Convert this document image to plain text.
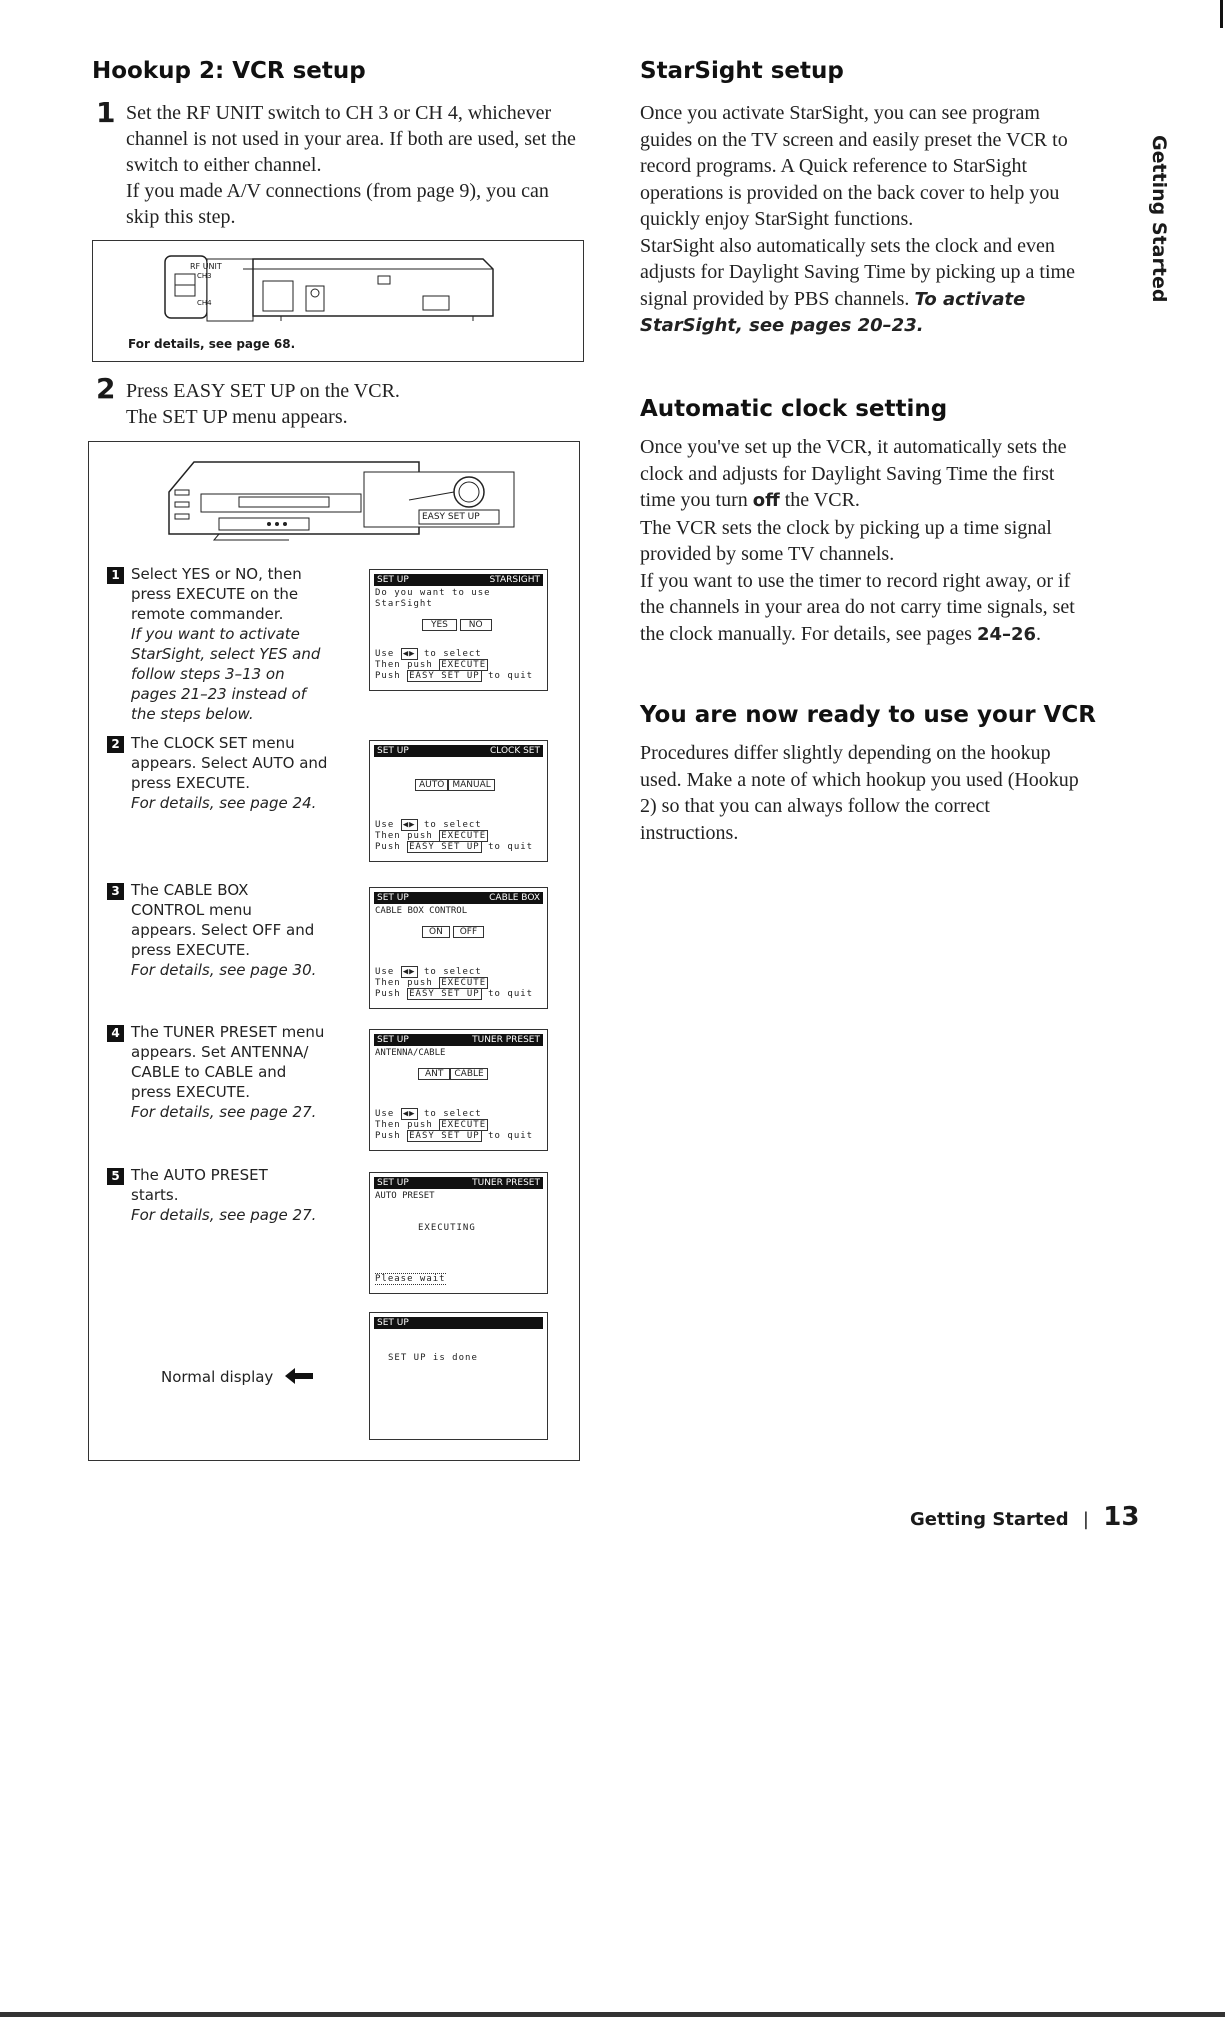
Hookup 2: VCR setup
1 Set the RF UNIT switch to CH 3 or CH 4, whichever channel is not used in your area. If both are used, set the switch to either channel.
If you made A/V connections (from page 9), you can skip this step.
RF UNIT
CH3
CH4
For details, see page 68.
2 Press EASY SET UP on the VCR.
The SET UP menu appears.
EASY SET UP
1 Select YES or NO, then
press EXECUTE on the
remote commander.
If you want to activate
StarSight, select YES and
follow steps 3–13 on
pages 21–23 instead of
the steps below.
SET UP	STARSIGHT
Do you want to use
StarSight
YES NO
Use ◀▶ to select
Then push EXECUTE
Push EASY SET UP to quit
2 The CLOCK SET menu
appears. Select AUTO and
press EXECUTE.
For details, see page 24.
SET UP	CLOCK SET
AUTO MANUAL
Use ◀▶ to select
Then push EXECUTE
Push EASY SET UP to quit
3 The CABLE BOX
CONTROL menu
appears. Select OFF and
press EXECUTE.
For details, see page 30.
SET UP	CABLE BOX
CABLE BOX CONTROL
ON OFF
Use ◀▶ to select
Then push EXECUTE
Push EASY SET UP to quit
4 The TUNER PRESET menu
appears. Set ANTENNA/
CABLE to CABLE and
press EXECUTE.
For details, see page 27.
SET UP	TUNER PRESET
ANTENNA/CABLE
ANT CABLE
Use ◀▶ to select
Then push EXECUTE
Push EASY SET UP to quit
5 The AUTO PRESET
starts.
For details, see page 27.
SET UP	TUNER PRESET
AUTO PRESET
EXECUTING
Please wait
SET UP
SET UP is done
Normal display
StarSight setup
Once you activate StarSight, you can see program
guides on the TV screen and easily preset the VCR to
record programs. A Quick reference to StarSight
operations is provided on the back cover to help you
quickly enjoy StarSight functions.
StarSight also automatically sets the clock and even
adjusts for Daylight Saving Time by picking up a time
signal provided by PBS channels. To activate
StarSight, see pages 20–23.
Automatic clock setting
Once you've set up the VCR, it automatically sets the
clock and adjusts for Daylight Saving Time the first
time you turn off the VCR.
The VCR sets the clock by picking up a time signal
provided by some TV channels.
If you want to use the timer to record right away, or if
the channels in your area do not carry time signals, set
the clock manually. For details, see pages 24–26.
You are now ready to use your VCR
Procedures differ slightly depending on the hookup
used. Make a note of which hookup you used (Hookup
2) so that you can always follow the correct
instructions.
Getting Started
Getting Started | 13
